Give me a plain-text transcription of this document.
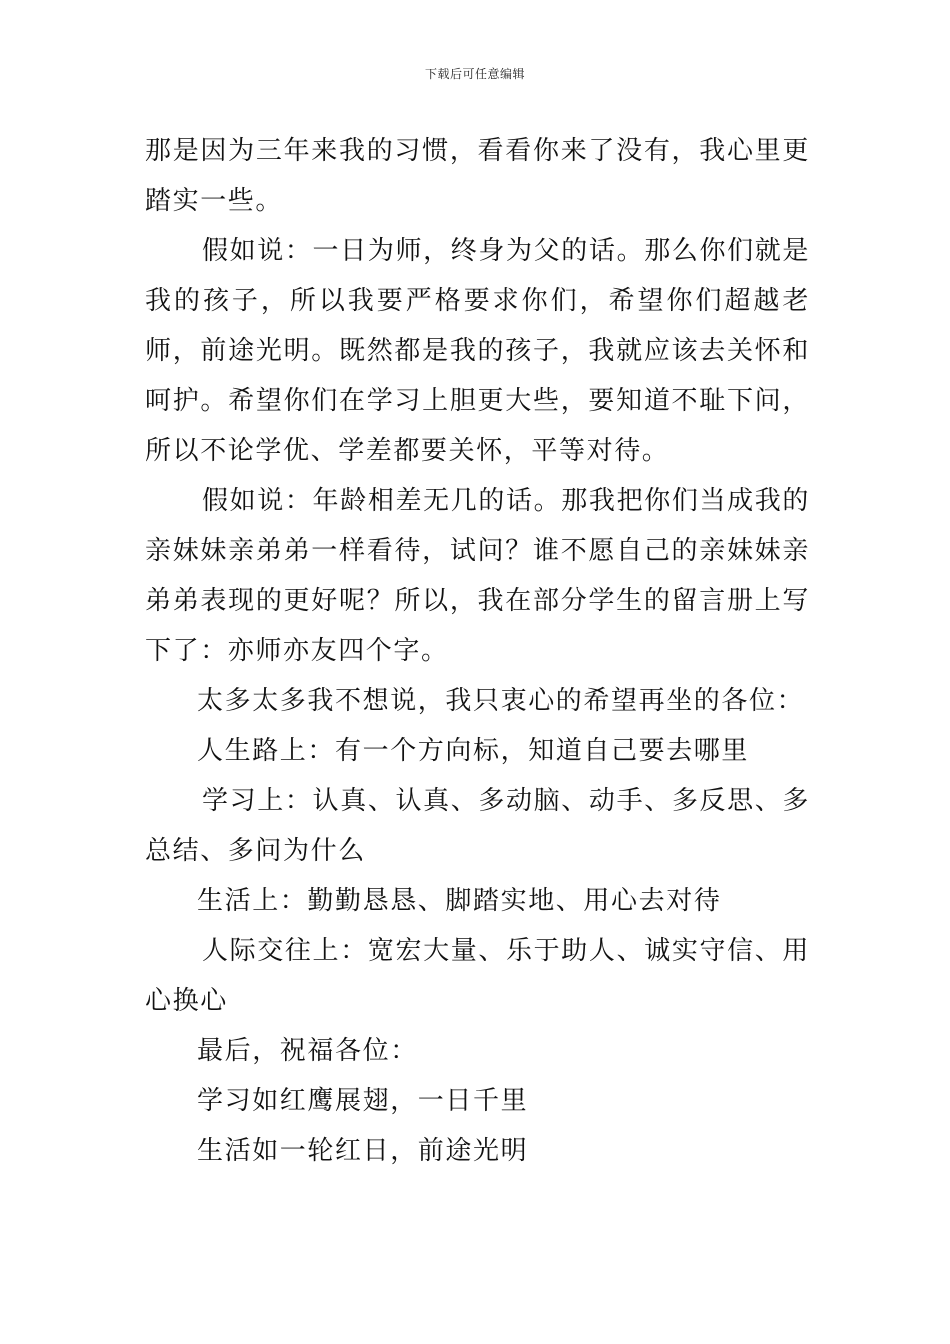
下载后可任意编辑

那是因为三年来我的习惯，看看你来了没有，我心里更踏实一些。

假如说：一日为师，终身为父的话。那么你们就是我的孩子，所以我要严格要求你们，希望你们超越老师，前途光明。既然都是我的孩子，我就应该去关怀和呵护。希望你们在学习上胆更大些，要知道不耻下问，所以不论学优、学差都要关怀，平等对待。

假如说：年龄相差无几的话。那我把你们当成我的亲妹妹亲弟弟一样看待，试问？谁不愿自己的亲妹妹亲弟弟表现的更好呢？所以，我在部分学生的留言册上写下了：亦师亦友四个字。

太多太多我不想说，我只衷心的希望再坐的各位：

人生路上：有一个方向标，知道自己要去哪里

学习上：认真、认真、多动脑、动手、多反思、多总结、多问为什么

生活上：勤勤恳恳、脚踏实地、用心去对待

人际交往上：宽宏大量、乐于助人、诚实守信、用心换心

最后，祝福各位：

学习如红鹰展翅，一日千里

生活如一轮红日，前途光明
